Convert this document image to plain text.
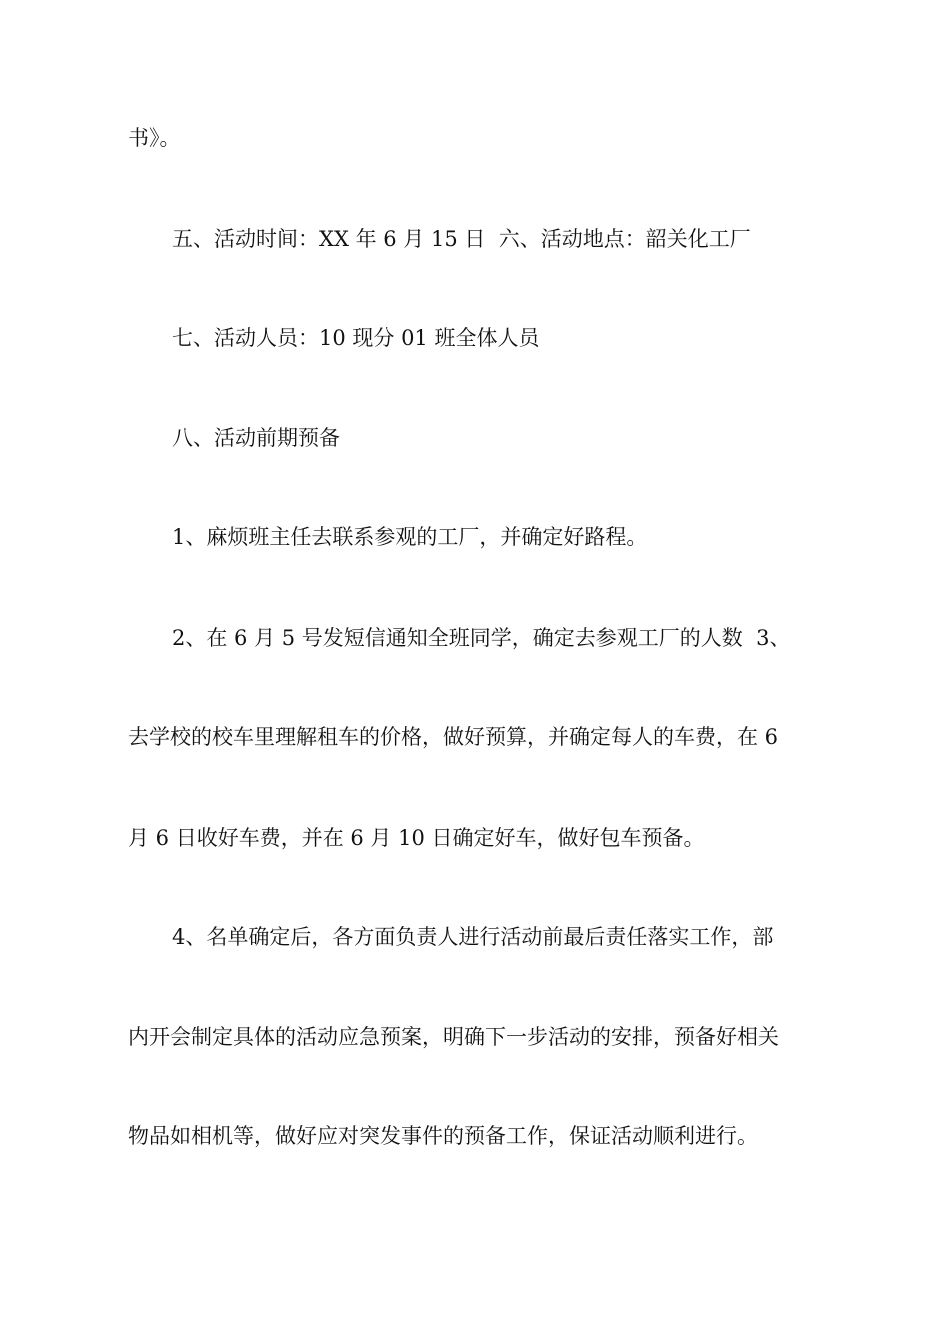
书》。
五、活动时间：XX 年 6 月 15 日  六、活动地点：韶关化工厂
七、活动人员：10 现分 01 班全体人员
八、活动前期预备
1、麻烦班主任去联系参观的工厂，并确定好路程。
2、在 6 月 5 号发短信通知全班同学，确定去参观工厂的人数  3、
去学校的校车里理解租车的价格，做好预算，并确定每人的车费，在 6
月 6 日收好车费，并在 6 月 10 日确定好车，做好包车预备。
4、名单确定后，各方面负责人进行活动前最后责任落实工作，部
内开会制定具体的活动应急预案，明确下一步活动的安排，预备好相关
物品如相机等，做好应对突发事件的预备工作，保证活动顺利进行。
